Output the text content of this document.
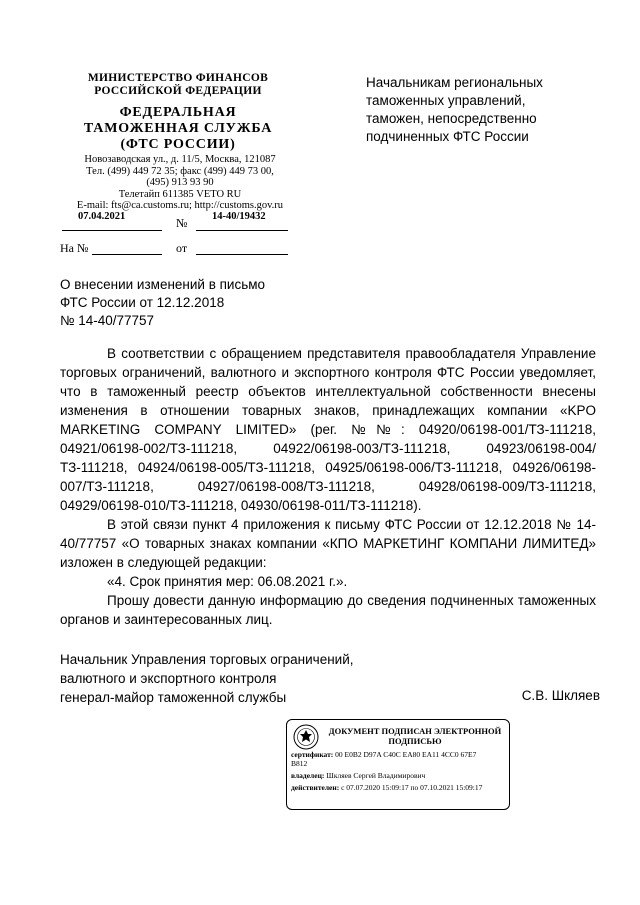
МИНИСТЕРСТВО ФИНАНСОВ
РОССИЙСКОЙ ФЕДЕРАЦИИ
ФЕДЕРАЛЬНАЯ
ТАМОЖЕННАЯ СЛУЖБА
(ФТС РОССИИ)
Новозаводская ул., д. 11/5, Москва, 121087
Тел. (499) 449 72 35; факс (499) 449 73 00,
(495) 913 93 90
Телетайп 611385 VETO RU
E-mail: fts@ca.customs.ru; http://customs.gov.ru
07.04.2021	№ 14-40/19432
На №	от
Начальникам региональных
таможенных управлений,
таможен, непосредственно
подчиненных ФТС России
О внесении изменений в письмо
ФТС России от 12.12.2018
№ 14-40/77757

В соответствии с обращением представителя правообладателя Управление торговых ограничений, валютного и экспортного контроля ФТС России уведомляет, что в таможенный реестр объектов интеллектуальной собственности внесены изменения в отношении товарных знаков, принадлежащих компании «KPO MARKETING COMPANY LIMITED» (рег. №№: 04920/06198-001/ТЗ-111218, 04921/06198-002/ТЗ-111218, 04922/06198-003/ТЗ-111218, 04923/06198-004/ТЗ-111218, 04924/06198-005/ТЗ-111218, 04925/06198-006/ТЗ-111218, 04926/06198-007/ТЗ-111218, 04927/06198-008/ТЗ-111218, 04928/06198-009/ТЗ-111218, 04929/06198-010/ТЗ-111218, 04930/06198-011/ТЗ-111218).

В этой связи пункт 4 приложения к письму ФТС России от 12.12.2018 № 14-40/77757 «О товарных знаках компании «КПО МАРКЕТИНГ КОМПАНИ ЛИМИТЕД» изложен в следующей редакции:

«4. Срок принятия мер: 06.08.2021 г.».

Прошу довести данную информацию до сведения подчиненных таможенных органов и заинтересованных лиц.

Начальник Управления торговых ограничений,
валютного и экспортного контроля
генерал-майор таможенной службы	С.В. Шкляев
ДОКУМЕНТ ПОДПИСАН ЭЛЕКТРОННОЙ
ПОДПИСЬЮ
сертификат: 00 E0B2 D97A C40C EA80 EA11 4CC0 67E7
B812
владелец: Шкляев Сергей Владимирович
действителен: с 07.07.2020 15:09:17 по 07.10.2021 15:09:17
